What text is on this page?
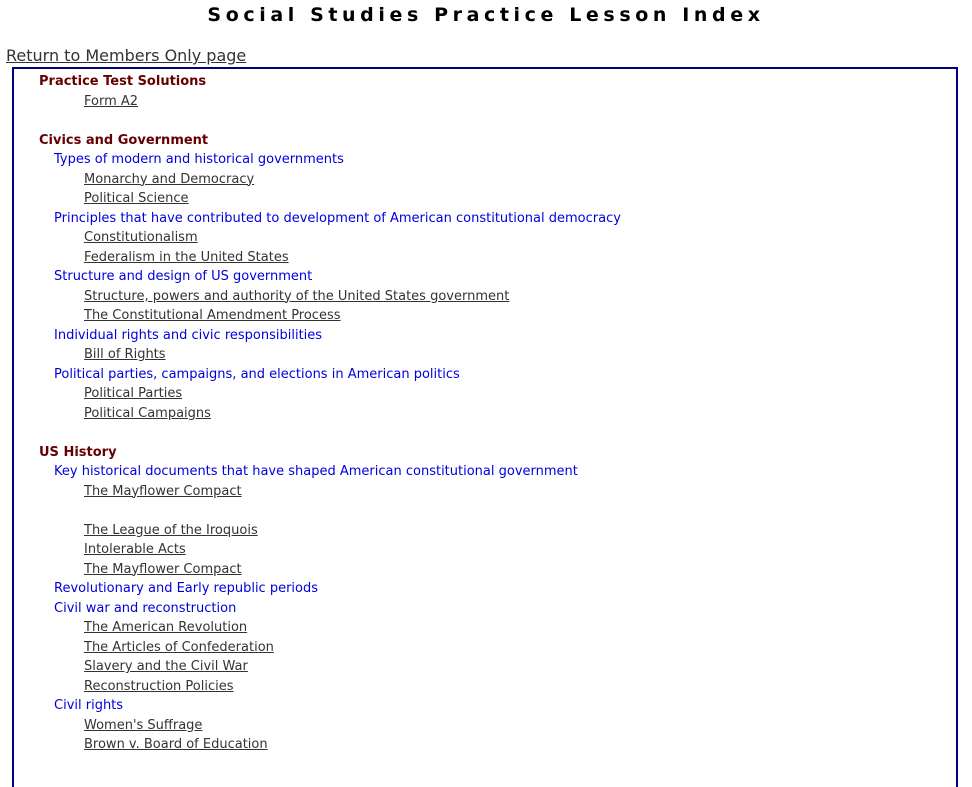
Social Studies Practice Lesson Index
Return to Members Only page
Practice Test Solutions
Form A2
Civics and Government
Types of modern and historical governments
Monarchy and Democracy
Political Science
Principles that have contributed to development of American constitutional democracy
Constitutionalism
Federalism in the United States
Structure and design of US government
Structure, powers and authority of the United States government
The Constitutional Amendment Process
Individual rights and civic responsibilities
Bill of Rights
Political parties, campaigns, and elections in American politics
Political Parties
Political Campaigns
US History
Key historical documents that have shaped American constitutional government
The Mayflower Compact
The League of the Iroquois
Intolerable Acts
The Mayflower Compact
Revolutionary and Early republic periods
Civil war and reconstruction
The American Revolution
The Articles of Confederation
Slavery and the Civil War
Reconstruction Policies
Civil rights
Women's Suffrage
Brown v. Board of Education
